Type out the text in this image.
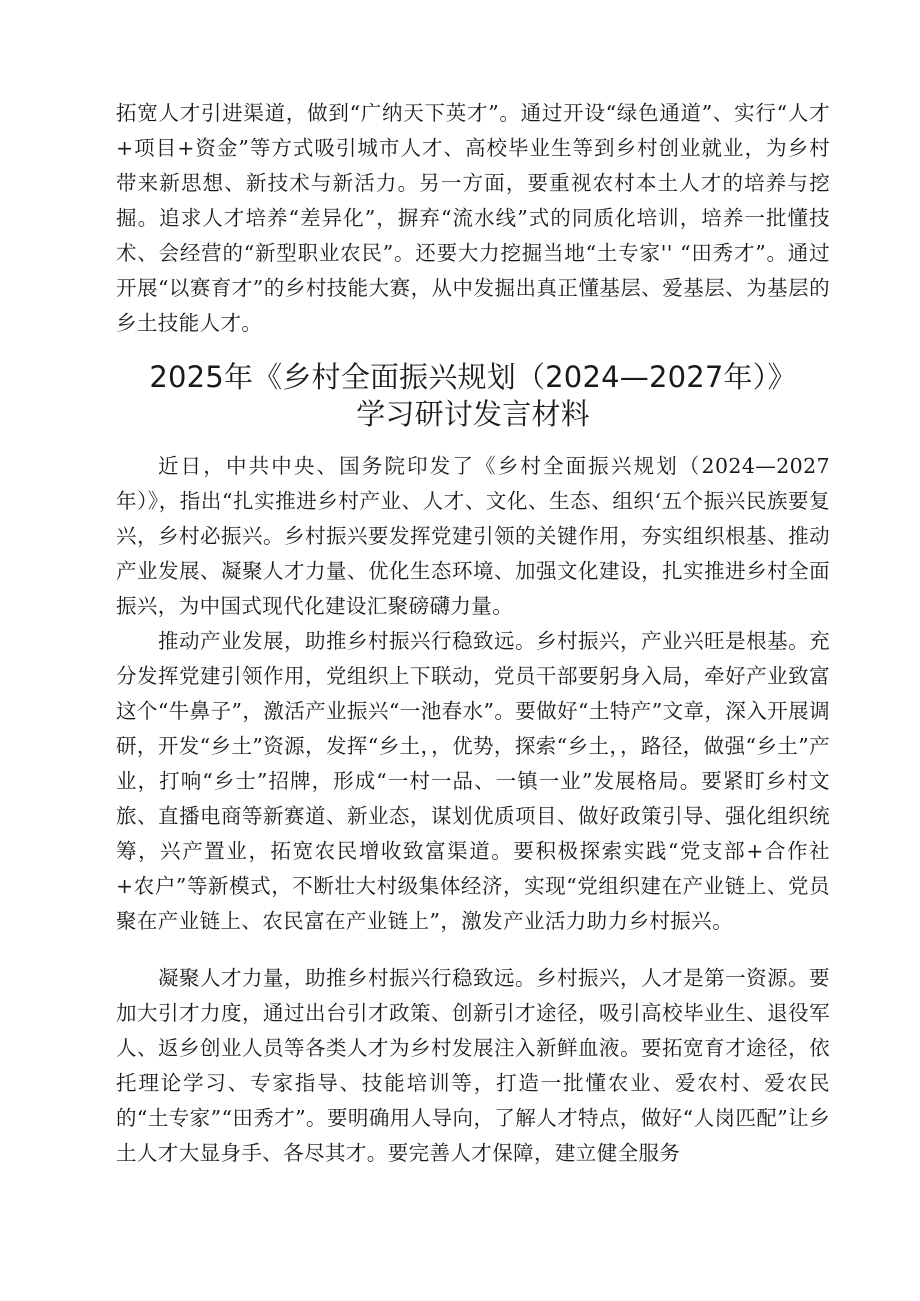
拓宽人才引进渠道，做到“广纳天下英才”。通过开设“绿色通道”、实行“人才+项目+资金”等方式吸引城市人才、高校毕业生等到乡村创业就业，为乡村带来新思想、新技术与新活力。另一方面，要重视农村本土人才的培养与挖掘。追求人才培养“差异化”，摒弃“流水线”式的同质化培训，培养一批懂技术、会经营的“新型职业农民”。还要大力挖掘当地“土专家'' “田秀才”。通过开展“以赛育才”的乡村技能大赛，从中发掘出真正懂基层、爱基层、为基层的乡土技能人才。

2025年《乡村全面振兴规划（2024—2027年）》
学习研讨发言材料

近日，中共中央、国务院印发了《乡村全面振兴规划（2024—2027年）》，指出“扎实推进乡村产业、人才、文化、生态、组织‘五个振兴民族要复兴，乡村必振兴。乡村振兴要发挥党建引领的关键作用，夯实组织根基、推动产业发展、凝聚人才力量、优化生态环境、加强文化建设，扎实推进乡村全面振兴，为中国式现代化建设汇聚磅礴力量。

推动产业发展，助推乡村振兴行稳致远。乡村振兴，产业兴旺是根基。充分发挥党建引领作用，党组织上下联动，党员干部要躬身入局，牵好产业致富这个“牛鼻子”，激活产业振兴“一池春水”。要做好“土特产”文章，深入开展调研，开发“乡土”资源，发挥“乡土，，优势，探索“乡土，，路径，做强“乡土”产业，打响“乡士”招牌，形成“一村一品、一镇一业”发展格局。要紧盯乡村文旅、直播电商等新赛道、新业态，谋划优质项目、做好政策引导、强化组织统筹，兴产置业，拓宽农民增收致富渠道。要积极探索实践“党支部+合作社+农户”等新模式，不断壮大村级集体经济，实现“党组织建在产业链上、党员聚在产业链上、农民富在产业链上”，激发产业活力助力乡村振兴。

凝聚人才力量，助推乡村振兴行稳致远。乡村振兴，人才是第一资源。要加大引才力度，通过出台引才政策、创新引才途径，吸引高校毕业生、退役军人、返乡创业人员等各类人才为乡村发展注入新鲜血液。要拓宽育才途径，依托理论学习、专家指导、技能培训等，打造一批懂农业、爱农村、爱农民的“土专家”“田秀才”。要明确用人导向，了解人才特点，做好“人岗匹配”让乡土人才大显身手、各尽其才。要完善人才保障，建立健全服务
